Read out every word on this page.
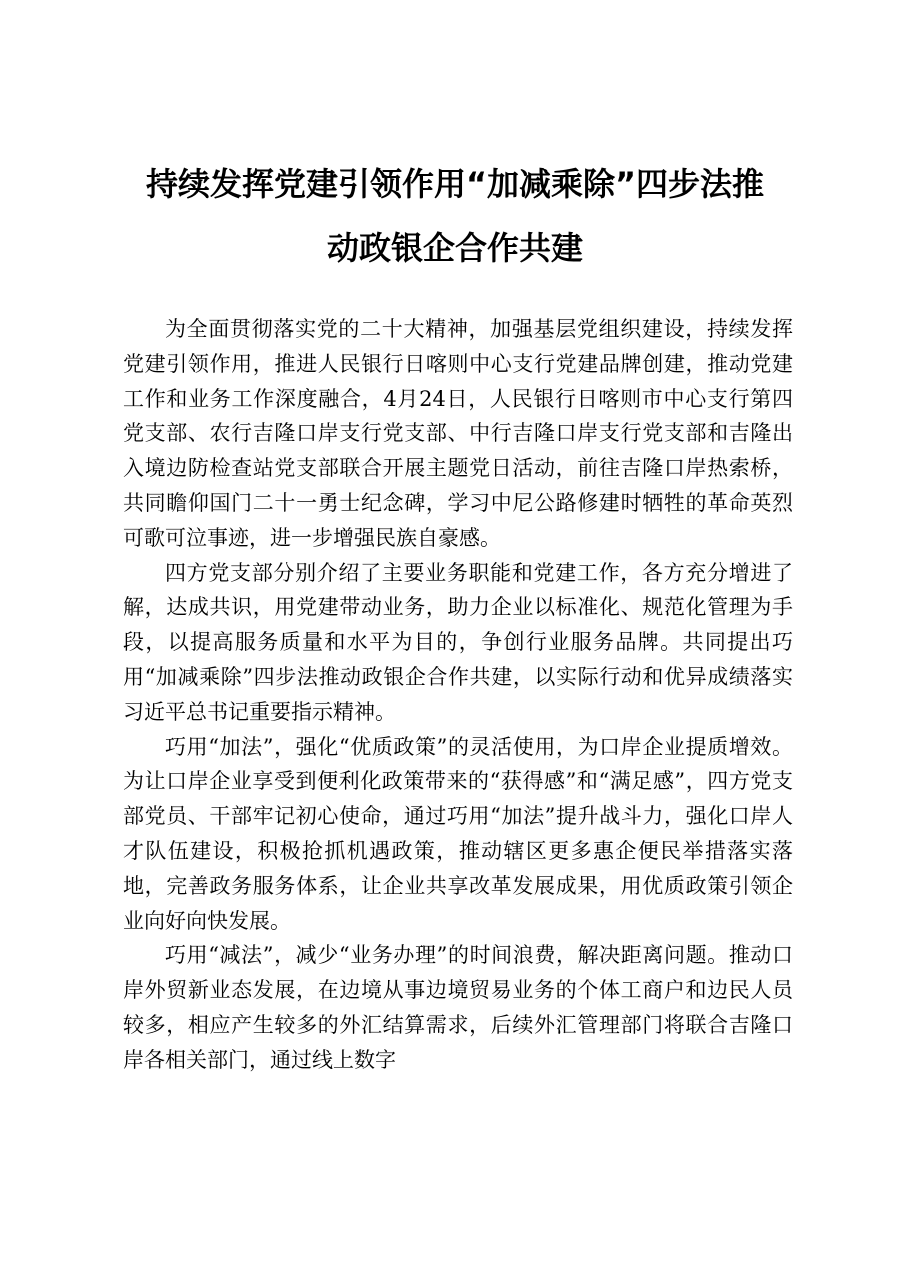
持续发挥党建引领作用“加减乘除”四步法推
动政银企合作共建

为全面贯彻落实党的二十大精神，加强基层党组织建设，持续发挥党建引领作用，推进人民银行日喀则中心支行党建品牌创建，推动党建工作和业务工作深度融合，4月24日，人民银行日喀则市中心支行第四党支部、农行吉隆口岸支行党支部、中行吉隆口岸支行党支部和吉隆出入境边防检查站党支部联合开展主题党日活动，前往吉隆口岸热索桥，共同瞻仰国门二十一勇士纪念碑，学习中尼公路修建时牺牲的革命英烈可歌可泣事迹，进一步增强民族自豪感。

四方党支部分别介绍了主要业务职能和党建工作，各方充分增进了解，达成共识，用党建带动业务，助力企业以标准化、规范化管理为手段，以提高服务质量和水平为目的，争创行业服务品牌。共同提出巧用“加减乘除”四步法推动政银企合作共建，以实际行动和优异成绩落实习近平总书记重要指示精神。

巧用“加法”，强化“优质政策”的灵活使用，为口岸企业提质增效。为让口岸企业享受到便利化政策带来的“获得感”和“满足感”，四方党支部党员、干部牢记初心使命，通过巧用“加法”提升战斗力，强化口岸人才队伍建设，积极抢抓机遇政策，推动辖区更多惠企便民举措落实落地，完善政务服务体系，让企业共享改革发展成果，用优质政策引领企业向好向快发展。

巧用“减法”，减少“业务办理”的时间浪费，解决距离问题。推动口岸外贸新业态发展，在边境从事边境贸易业务的个体工商户和边民人员较多，相应产生较多的外汇结算需求，后续外汇管理部门将联合吉隆口岸各相关部门，通过线上数字
